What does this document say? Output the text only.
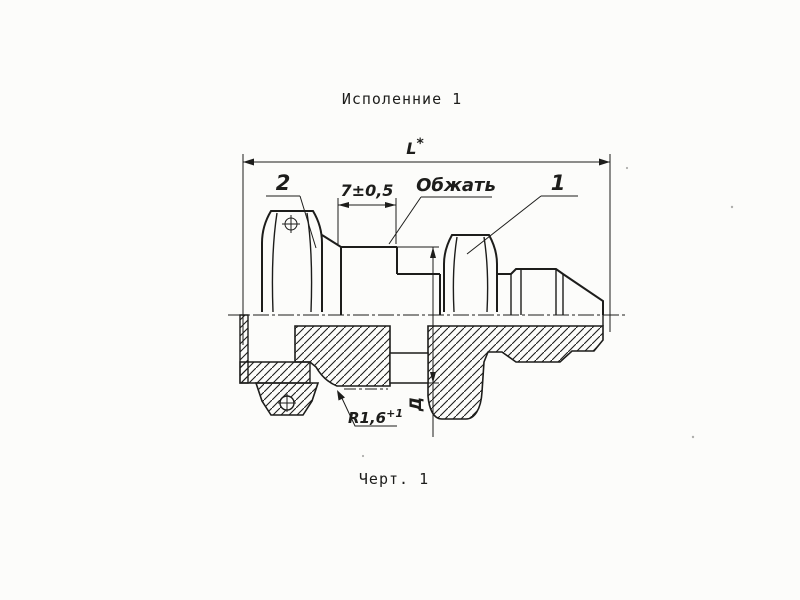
Исполенние 1
Черт. 1
L*
7±0,5 Обжать
2	1
$R1,6^{+1}$
Д
